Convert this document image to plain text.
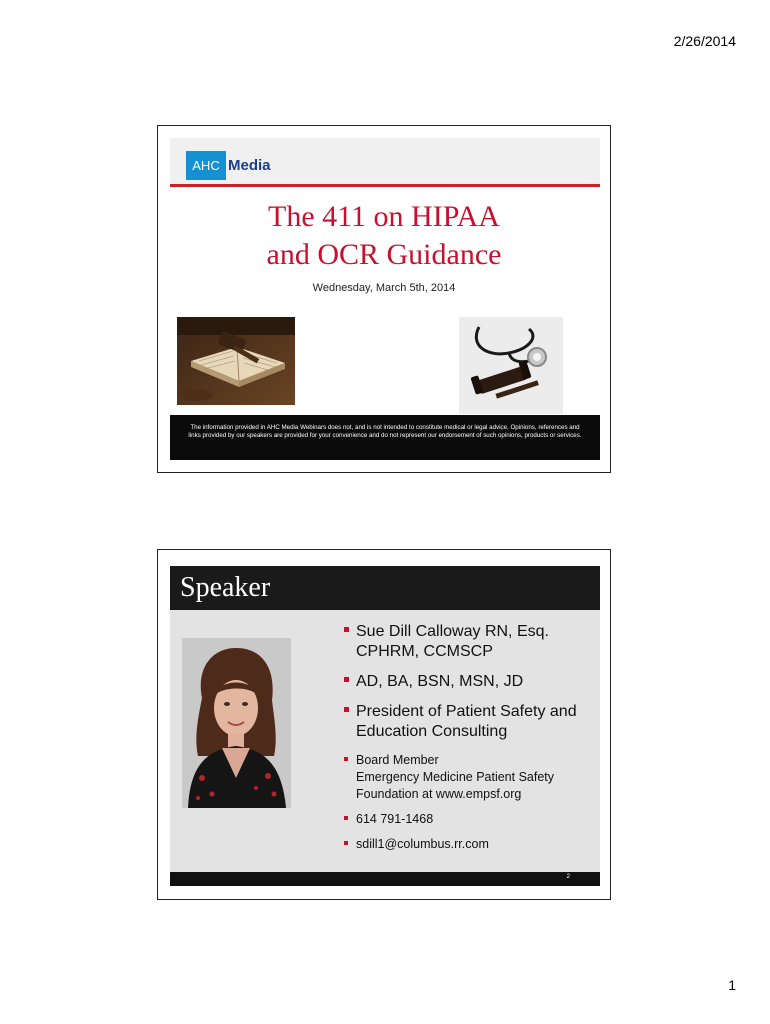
2/26/2014
AHC Media
The 411 on HIPAA
and OCR Guidance
Wednesday, March 5th, 2014
The information provided in AHC Media Webinars does not, and is not intended to constitute medical or legal advice. Opinions, references and links provided by our speakers are provided for your convenience and do not represent our endorsement of such opinions, products or services.
Speaker
Sue Dill Calloway RN, Esq. CPHRM, CCMSCP
AD, BA, BSN, MSN, JD
President of Patient Safety and Education Consulting
Board Member
Emergency Medicine Patient Safety Foundation at www.empsf.org
614 791-1468
sdill1@columbus.rr.com
2
1
